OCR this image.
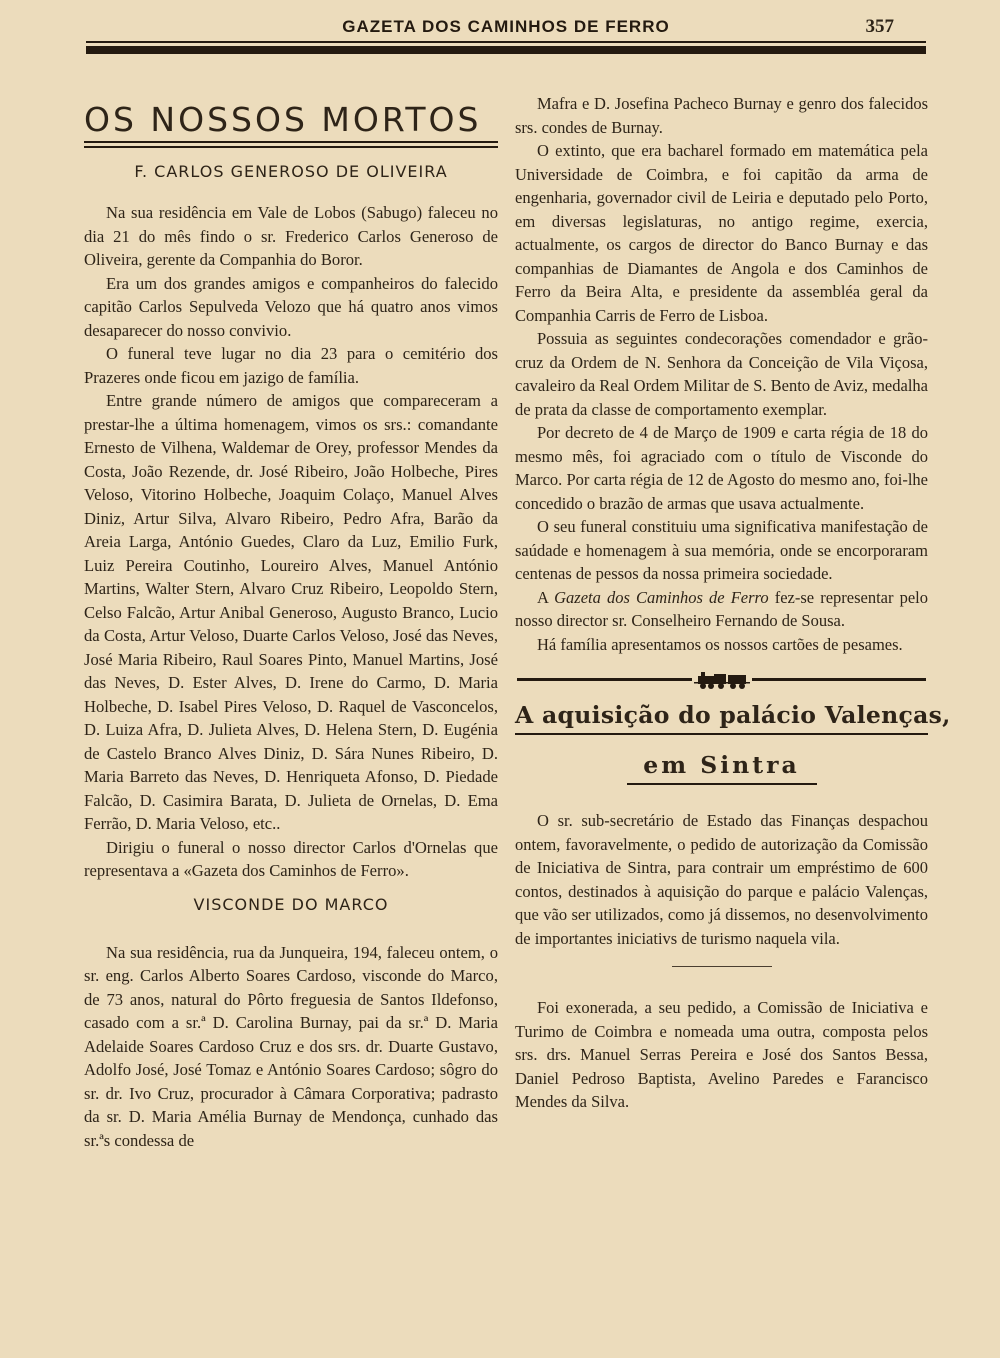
GAZETA DOS CAMINHOS DE FERRO	357
OS NOSSOS MORTOS
F. CARLOS GENEROSO DE OLIVEIRA

Na sua residência em Vale de Lobos (Sabugo) faleceu no dia 21 do mês findo o sr. Frederico Carlos Generoso de Oliveira, gerente da Companhia do Boror.

Era um dos grandes amigos e companheiros do falecido capitão Carlos Sepulveda Velozo que há quatro anos vimos desaparecer do nosso convivio.

O funeral teve lugar no dia 23 para o cemitério dos Prazeres onde ficou em jazigo de família.

Entre grande número de amigos que compareceram a prestar-lhe a última homenagem, vimos os srs.: comandante Ernesto de Vilhena, Waldemar de Orey, professor Mendes da Costa, João Rezende, dr. José Ribeiro, João Holbeche, Pires Veloso, Vitorino Holbeche, Joaquim Colaço, Manuel Alves Diniz, Artur Silva, Alvaro Ribeiro, Pedro Afra, Barão da Areia Larga, António Guedes, Claro da Luz, Emilio Furk, Luiz Pereira Coutinho, Loureiro Alves, Manuel António Martins, Walter Stern, Alvaro Cruz Ribeiro, Leopoldo Stern, Celso Falcão, Artur Anibal Generoso, Augusto Branco, Lucio da Costa, Artur Veloso, Duarte Carlos Veloso, José das Neves, José Maria Ribeiro, Raul Soares Pinto, Manuel Martins, José das Neves, D. Ester Alves, D. Irene do Carmo, D. Maria Holbeche, D. Isabel Pires Veloso, D. Raquel de Vasconcelos, D. Luiza Afra, D. Julieta Alves, D. Helena Stern, D. Eugénia de Castelo Branco Alves Diniz, D. Sára Nunes Ribeiro, D. Maria Barreto das Neves, D. Henriqueta Afonso, D. Piedade Falcão, D. Casimira Barata, D. Julieta de Ornelas, D. Ema Ferrão, D. Maria Veloso, etc..

Dirigiu o funeral o nosso director Carlos d'Ornelas que representava a «Gazeta dos Caminhos de Ferro».

VISCONDE DO MARCO

Na sua residência, rua da Junqueira, 194, faleceu ontem, o sr. eng. Carlos Alberto Soares Cardoso, visconde do Marco, de 73 anos, natural do Pôrto freguesia de Santos Ildefonso, casado com a sr.ª D. Carolina Burnay, pai da sr.ª D. Maria Adelaide Soares Cardoso Cruz e dos srs. dr. Duarte Gustavo, Adolfo José, José Tomaz e António Soares Cardoso; sôgro do sr. dr. Ivo Cruz, procurador à Câmara Corporativa; padrasto da sr. D. Maria Amélia Burnay de Mendonça, cunhado das sr.ªs condessa de

Mafra e D. Josefina Pacheco Burnay e genro dos falecidos srs. condes de Burnay.

O extinto, que era bacharel formado em matemática pela Universidade de Coimbra, e foi capitão da arma de engenharia, governador civil de Leiria e deputado pelo Porto, em diversas legislaturas, no antigo regime, exercia, actualmente, os cargos de director do Banco Burnay e das companhias de Diamantes de Angola e dos Caminhos de Ferro da Beira Alta, e presidente da assembléa geral da Companhia Carris de Ferro de Lisboa.

Possuia as seguintes condecorações comendador e grão-cruz da Ordem de N. Senhora da Conceição de Vila Viçosa, cavaleiro da Real Ordem Militar de S. Bento de Aviz, medalha de prata da classe de comportamento exemplar.

Por decreto de 4 de Março de 1909 e carta régia de 18 do mesmo mês, foi agraciado com o título de Visconde do Marco. Por carta régia de 12 de Agosto do mesmo ano, foi-lhe concedido o brazão de armas que usava actualmente.

O seu funeral constituiu uma significativa manifestação de saúdade e homenagem à sua memória, onde se encorporaram centenas de pessos da nossa primeira sociedade.

A Gazeta dos Caminhos de Ferro fez-se representar pelo nosso director sr. Conselheiro Fernando de Sousa.

Há família apresentamos os nossos cartões de pesames.

A aquisição do palácio Valenças,
em Sintra

O sr. sub-secretário de Estado das Finanças despachou ontem, favoravelmente, o pedido de autorização da Comissão de Iniciativa de Sintra, para contrair um empréstimo de 600 contos, destinados à aquisição do parque e palácio Valenças, que vão ser utilizados, como já dissemos, no desenvolvimento de importantes iniciativs de turismo naquela vila.

Foi exonerada, a seu pedido, a Comissão de Iniciativa e Turimo de Coimbra e nomeada uma outra, composta pelos srs. drs. Manuel Serras Pereira e José dos Santos Bessa, Daniel Pedroso Baptista, Avelino Paredes e Farancisco Mendes da Silva.
